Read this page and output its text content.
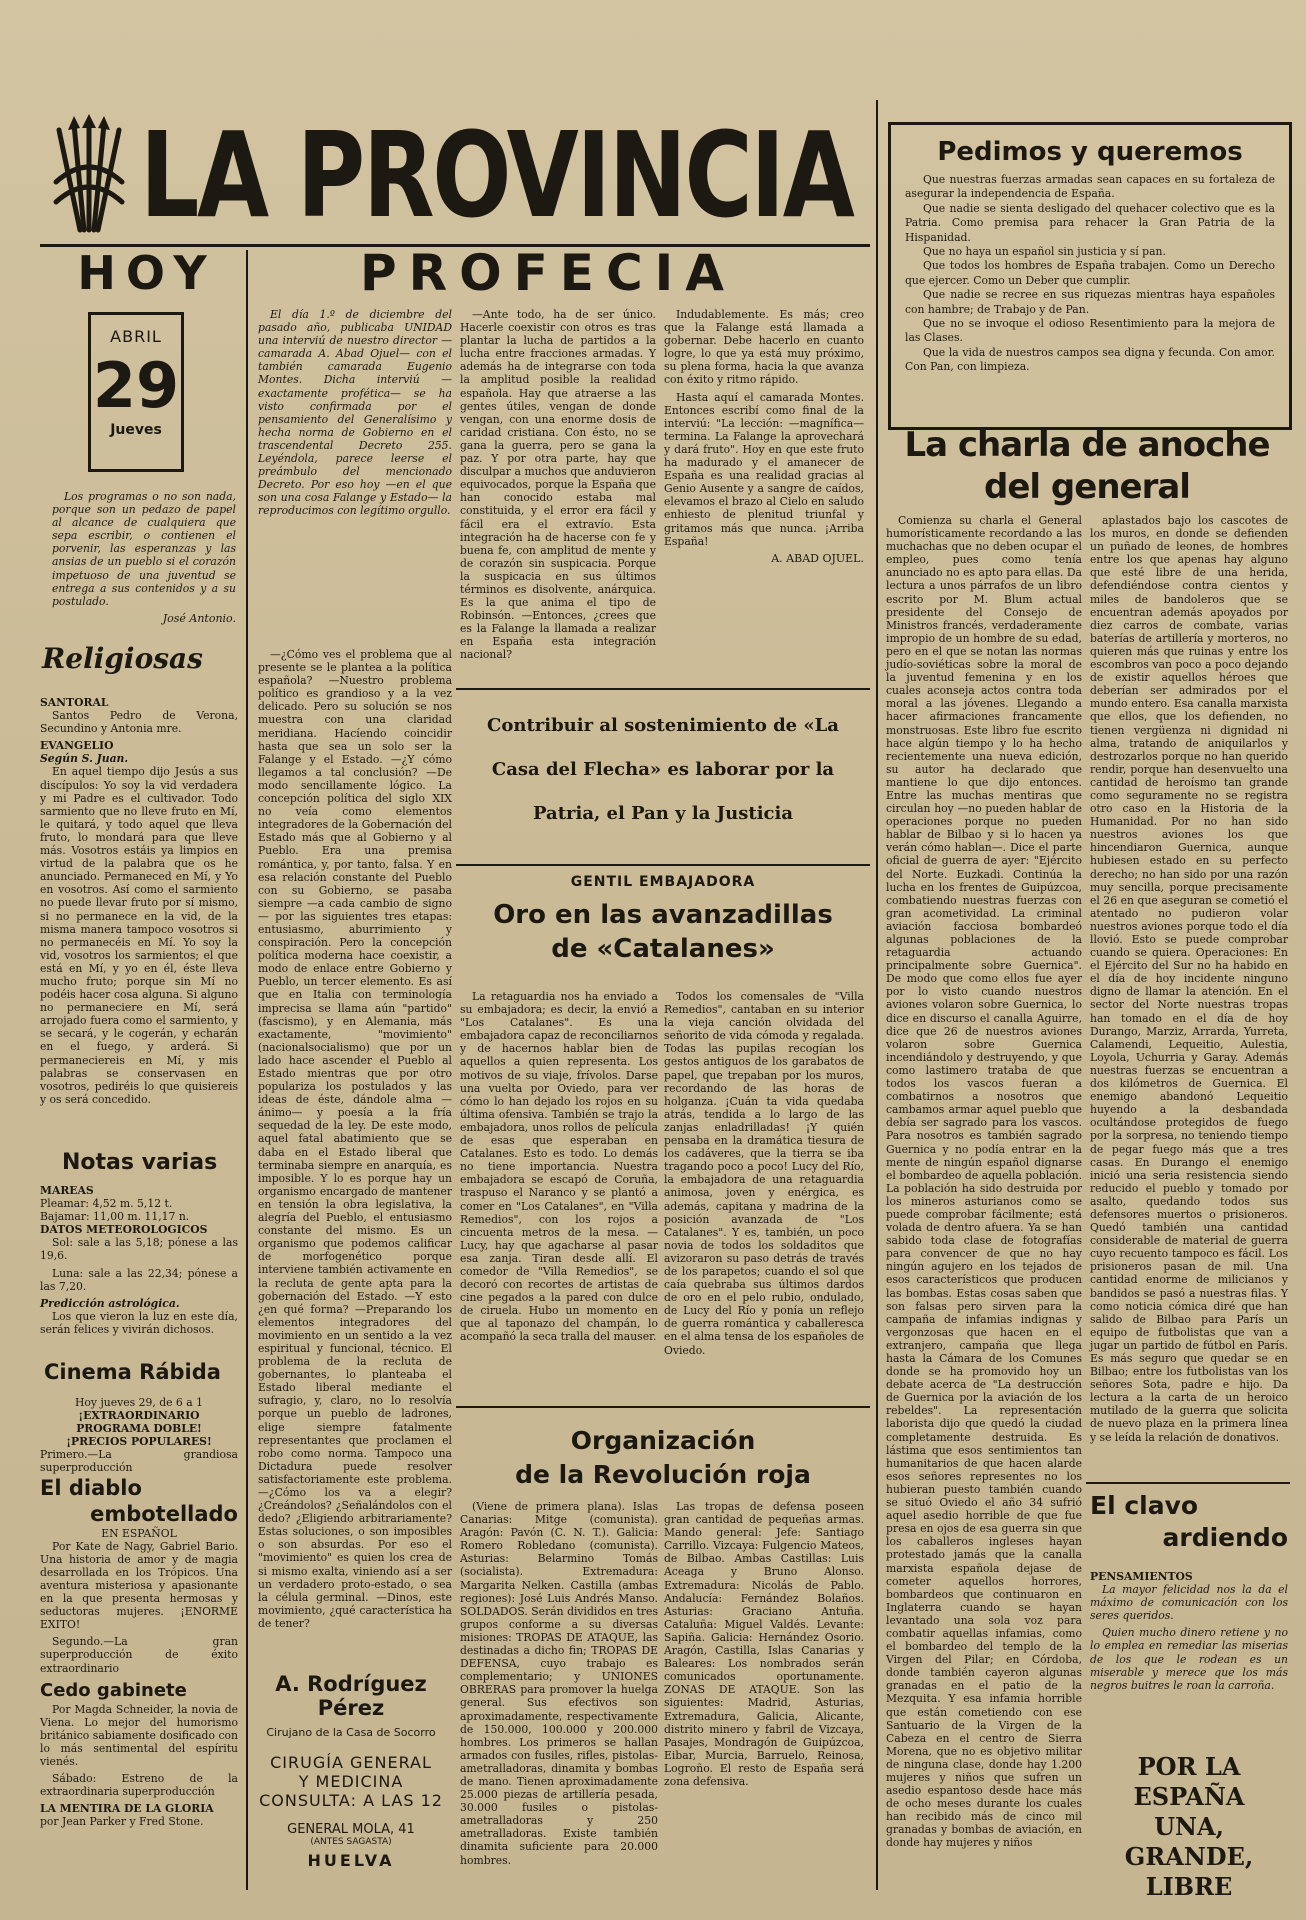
LA PROVINCIA
HOY
ABRIL
29
Jueves

Los programas o no son nada, porque son un pedazo de papel al alcance de cualquiera que sepa escribir, o contienen el porvenir, las esperanzas y las ansias de un pueblo si el corazón impetuoso de una juventud se entrega a sus contenidos y a su postulado.

José Antonio.
Religiosas
SANTORAL

Santos Pedro de Verona, Secundino y Antonia mre.

EVANGELIO
Según S. Juan.

En aquel tiempo dijo Jesús a sus discípulos: Yo soy la vid verdadera y mi Padre es el cultivador. Todo sarmiento que no lleve fruto en Mí, le quitará, y todo aquel que lleva fruto, lo mondará para que lleve más. Vosotros estáis ya limpios en virtud de la palabra que os he anunciado. Permaneced en Mí, y Yo en vosotros. Así como el sarmiento no puede llevar fruto por sí mismo, si no permanece en la vid, de la misma manera tampoco vosotros si no permanecéis en Mí. Yo soy la vid, vosotros los sarmientos; el que está en Mí, y yo en él, éste lleva mucho fruto; porque sin Mí no podéis hacer cosa alguna. Si alguno no permaneciere en Mí, será arrojado fuera como el sarmiento, y se secará, y le cogerán, y echarán en el fuego, y arderá. Si permaneciereis en Mí, y mis palabras se conservasen en vosotros, pediréis lo que quisiereis y os será concedido.

Notas varias
MAREAS
Pleamar: 4,52 m. 5,12 t.
Bajamar: 11,00 m. 11,17 n.
DATOS METEOROLOGICOS

Sol: sale a las 5,18; pónese a las 19,6.

Luna: sale a las 22,34; pónese a las 7,20.

Predicción astrológica.

Los que vieron la luz en este día, serán felices y vivirán dichosos.

Cinema Rábida
Hoy jueves 29, de 6 a 1
¡EXTRAORDINARIO PROGRAMA DOBLE!
¡PRECIOS POPULARES!
Primero.—La grandiosa superproducción
El diablo
embotellado
EN ESPAÑOL

Por Kate de Nagy, Gabriel Bario. Una historia de amor y de magia desarrollada en los Trópicos. Una aventura misteriosa y apasionante en la que presenta hermosas y seductoras mujeres. ¡ENORME EXITO!

Segundo.—La gran superproducción de éxito extraordinario

Cedo gabinete

Por Magda Schneider, la novia de Viena. Lo mejor del humorismo británico sabiamente dosificado con lo más sentimental del espíritu vienés.

Sábado: Estreno de la extraordinaria superproducción

LA MENTIRA DE LA GLORIA
por Jean Parker y Fred Stone.
PROFECIA

El día 1.º de diciembre del pasado año, publicaba UNIDAD una interviú de nuestro director —camarada A. Abad Ojuel— con el también camarada Eugenio Montes. Dicha interviú —exactamente profética— se ha visto confirmada por el pensamiento del Generalísimo y hecha norma de Gobierno en el trascendental Decreto 255. Leyéndola, parece leerse el preámbulo del mencionado Decreto. Por eso hoy —en el que son una cosa Falange y Estado— la reproducimos con legítimo orgullo.

—¿Cómo ves el problema que al presente se le plantea a la política española? —Nuestro problema político es grandioso y a la vez delicado. Pero su solución se nos muestra con una claridad meridiana. Hacíendo coincidir hasta que sea un solo ser la Falange y el Estado. —¿Y cómo llegamos a tal conclusión? —De modo sencillamente lógico. La concepción política del siglo XIX no veía como elementos integradores de la Gobernación del Estado más que al Gobierno y al Pueblo. Era una premisa romántica, y, por tanto, falsa. Y en esa relación constante del Pueblo con su Gobierno, se pasaba siempre —a cada cambio de signo— por las siguientes tres etapas: entusiasmo, aburrimiento y conspiración. Pero la concepción política moderna hace coexistir, a modo de enlace entre Gobierno y Pueblo, un tercer elemento. Es así que en Italia con terminología imprecisa se llama aún "partido" (fascismo), y en Alemania, más exactamente, "movimiento" (nacionalsocialismo) que por un lado hace ascender el Pueblo al Estado mientras que por otro populariza los postulados y las ideas de éste, dándole alma —ánimo— y poesía a la fría sequedad de la ley. De este modo, aquel fatal abatimiento que se daba en el Estado liberal que terminaba siempre en anarquía, es imposible. Y lo es porque hay un organismo encargado de mantener en tensión la obra legislativa, la alegría del Pueblo, el entusiasmo constante del mismo. Es un organismo que podemos calificar de morfogenético porque interviene también activamente en la recluta de gente apta para la gobernación del Estado. —Y esto ¿en qué forma? —Preparando los elementos integradores del movimiento en un sentido a la vez espiritual y funcional, técnico. El problema de la recluta de gobernantes, lo planteaba el Estado liberal mediante el sufragio, y, claro, no lo resolvía porque un pueblo de ladrones, elige siempre fatalmente representantes que proclamen el robo como norma. Tampoco una Dictadura puede resolver satisfactoriamente este problema. —¿Cómo los va a elegir? ¿Creándolos? ¿Señalándolos con el dedo? ¿Eligiendo arbitrariamente? Estas soluciones, o son imposibles o son absurdas. Por eso el "movimiento" es quien los crea de si mismo exalta, viniendo así a ser un verdadero proto-estado, o sea la célula germinal. —Dinos, este movimiento, ¿qué característica ha de tener?

—Ante todo, ha de ser único. Hacerle coexistir con otros es tras plantar la lucha de partidos a la lucha entre fracciones armadas. Y además ha de integrarse con toda la amplitud posible la realidad española. Hay que atraerse a las gentes útiles, vengan de donde vengan, con una enorme dosis de caridad cristiana. Con ésto, no se gana la guerra, pero se gana la paz. Y por otra parte, hay que disculpar a muchos que anduvieron equivocados, porque la España que han conocido estaba mal constituida, y el error era fácil y fácil era el extravío. Esta integración ha de hacerse con fe y buena fe, con amplitud de mente y de corazón sin suspicacia. Porque la suspicacia en sus últimos términos es disolvente, anárquica. Es la que anima el tipo de Robinsón. —Entonces, ¿crees que es la Falange la llamada a realizar en España esta integración nacional?

Indudablemente. Es más; creo que la Falange está llamada a gobernar. Debe hacerlo en cuanto logre, lo que ya está muy próximo, su plena forma, hacia la que avanza con éxito y ritmo rápido.

Hasta aquí el camarada Montes. Entonces escribí como final de la interviú: "La lección: —magnífica— termina. La Falange la aprovechará y dará fruto". Hoy en que este fruto ha madurado y el amanecer de España es una realidad gracias al Genio Ausente y a sangre de caídos, elevamos el brazo al Cielo en saludo enhiesto de plenitud triunfal y gritamos más que nunca. ¡Arriba España!

A. ABAD OJUEL.
Contribuir al sostenimiento de «La
Casa del Flecha» es laborar por la
Patria, el Pan y la Justicia
GENTIL EMBAJADORA
Oro en las avanzadillas
de «Catalanes»

La retaguardia nos ha enviado a su embajadora; es decir, la envió a "Los Catalanes". Es una embajadora capaz de reconciliarnos y de hacernos hablar bien de aquellos a quien representa. Los motivos de su viaje, frívolos. Darse una vuelta por Oviedo, para ver cómo lo han dejado los rojos en su última ofensiva. También se trajo la embajadora, unos rollos de película de esas que esperaban en Catalanes. Esto es todo. Lo demás no tiene importancia. Nuestra embajadora se escapó de Coruña, traspuso el Naranco y se plantó a comer en "Los Catalanes", en "Villa Remedios", con los rojos a cincuenta metros de la mesa. —Lucy, hay que agacharse al pasar esa zanja. Tiran desde allí. El comedor de "Villa Remedios", se decoró con recortes de artistas de cine pegados a la pared con dulce de ciruela. Hubo un momento en que al taponazo del champán, lo acompañó la seca tralla del mauser.

Todos los comensales de "Villa Remedios", cantaban en su interior la vieja canción olvidada del señorito de vida cómoda y regalada. Todas las pupilas recogían los gestos antiguos de los garabatos de papel, que trepaban por los muros, recordando de las horas de holganza. ¡Cuán ta vida quedaba atrás, tendida a lo largo de las zanjas enladrilladas! ¡Y quién pensaba en la dramática tiesura de los cadáveres, que la tierra se iba tragando poco a poco! Lucy del Río, la embajadora de una retaguardia animosa, joven y enérgica, es además, capitana y madrina de la posición avanzada de "Los Catalanes". Y es, también, un poco novia de todos los soldaditos que avizoraron su paso detrás de través de los parapetos; cuando el sol que caía quebraba sus últimos dardos de oro en el pelo rubio, ondulado, de Lucy del Río y ponía un reflejo de guerra romántica y caballeresca en el alma tensa de los españoles de Oviedo.

Organización
de la Revolución roja

(Viene de primera plana). Islas Canarias: Mitge (comunista). Aragón: Pavón (C. N. T.). Galicia: Romero Robledano (comunista). Asturias: Belarmino Tomás (socialista). Extremadura: Margarita Nelken. Castilla (ambas regiones): José Luis Andrés Manso. SOLDADOS. Serán divididos en tres grupos conforme a su diversas misiones: TROPAS DE ATAQUE, las destinadas a dicho fin; TROPAS DE DEFENSA, cuyo trabajo es complementario; y UNIONES OBRERAS para promover la huelga general. Sus efectivos son aproximadamente, respectivamente de 150.000, 100.000 y 200.000 hombres. Los primeros se hallan armados con fusiles, rifles, pistolas-ametralladoras, dinamita y bombas de mano. Tienen aproximadamente 25.000 piezas de artillería pesada, 30.000 fusiles o pistolas-ametralladoras y 250 ametralladoras. Existe también dinamita suficiente para 20.000 hombres.

Las tropas de defensa poseen gran cantidad de pequeñas armas. Mando general: Jefe: Santiago Carrillo. Vizcaya: Fulgencio Mateos, de Bilbao. Ambas Castillas: Luis Aceaga y Bruno Alonso. Extremadura: Nicolás de Pablo. Andalucía: Fernández Bolaños. Asturias: Graciano Antuña. Cataluña: Miguel Valdés. Levante: Sapiña. Galicia: Hernández Osorio. Aragón, Castilla, Islas Canarias y Baleares: Los nombrados serán comunicados oportunamente. ZONAS DE ATAQUE. Son las siguientes: Madrid, Asturias, Extremadura, Galicia, Alicante, distrito minero y fabril de Vizcaya, Pasajes, Mondragón de Guipúzcoa, Eibar, Murcia, Barruelo, Reinosa, Logroño. El resto de España será zona defensiva.

A. Rodríguez Pérez
Cirujano de la Casa de Socorro
CIRUGÍA GENERAL
Y MEDICINA
CONSULTA: A LAS 12
GENERAL MOLA, 41
(ANTES SAGASTA)
HUELVA
Pedimos y queremos

Que nuestras fuerzas armadas sean capaces en su fortaleza de asegurar la independencia de España.

Que nadie se sienta desligado del quehacer colectivo que es la Patria. Como premisa para rehacer la Gran Patria de la Hispanidad.

Que no haya un español sin justicia y sí pan.

Que todos los hombres de España trabajen. Como un Derecho que ejercer. Como un Deber que cumplir.

Que nadie se recree en sus riquezas mientras haya españoles con hambre; de Trabajo y de Pan.

Que no se invoque el odioso Resentimiento para la mejora de las Clases.

Que la vida de nuestros campos sea digna y fecunda. Con amor. Con Pan, con limpieza.

La charla de anoche
del general

Comienza su charla el General humorísticamente recordando a las muchachas que no deben ocupar el empleo, pues como tenía anunciado no es apto para ellas. Da lectura a unos párrafos de un libro escrito por M. Blum actual presidente del Consejo de Ministros francés, verdaderamente impropio de un hombre de su edad, pero en el que se notan las normas judío-soviéticas sobre la moral de la juventud femenina y en los cuales aconseja actos contra toda moral a las jóvenes. Llegando a hacer afirmaciones francamente monstruosas. Este libro fue escrito hace algún tiempo y lo ha hecho recientemente una nueva edición, su autor ha declarado que mantiene lo que dijo entonces. Entre las muchas mentiras que circulan hoy —no pueden hablar de operaciones porque no pueden hablar de Bilbao y si lo hacen ya verán cómo hablan—. Dice el parte oficial de guerra de ayer: "Ejército del Norte. Euzkadi. Continúa la lucha en los frentes de Guipúzcoa, combatiendo nuestras fuerzas con gran acometividad. La criminal aviación facciosa bombardeó algunas poblaciones de la retaguardia actuando principalmente sobre Guernica". De modo que como ellos fue ayer por lo visto cuando nuestros aviones volaron sobre Guernica, lo dice en discurso el canalla Aguirre, dice que 26 de nuestros aviones volaron sobre Guernica incendiándolo y destruyendo, y que como lastimero trataba de que todos los vascos fueran a combatirnos a nosotros que cambamos armar aquel pueblo que debía ser sagrado para los vascos. Para nosotros es también sagrado Guernica y no podía entrar en la mente de ningún español dignarse el bombardeo de aquella población. La población ha sido destruida por los mineros asturianos como se puede comprobar fácilmente; está volada de dentro afuera. Ya se han sabido toda clase de fotografías para convencer de que no hay ningún agujero en los tejados de esos característicos que producen las bombas. Estas cosas saben que son falsas pero sirven para la campaña de infamias indignas y vergonzosas que hacen en el extranjero, campaña que llega hasta la Cámara de los Comunes donde se ha promovido hoy un debate acerca de "La destrucción de Guernica por la aviación de los rebeldes". La representación laborista dijo que quedó la ciudad completamente destruida. Es lástima que esos sentimientos tan humanitarios de que hacen alarde esos señores representes no los hubieran puesto también cuando se situó Oviedo el año 34 sufrió aquel asedio horrible de que fue presa en ojos de esa guerra sin que los caballeros ingleses hayan protestado jamás que la canalla marxista española dejase de cometer aquellos horrores, bombardeos que continuaron en Inglaterra cuando se hayan levantado una sola voz para combatir aquellas infamias, como el bombardeo del templo de la Virgen del Pilar; en Córdoba, donde también cayeron algunas granadas en el patio de la Mezquita. Y esa infamia horrible que están cometiendo con ese Santuario de la Virgen de la Cabeza en el centro de Sierra Morena, que no es objetivo militar de ninguna clase, donde hay 1.200 mujeres y niños que sufren un asedio espantoso desde hace más de ocho meses durante los cuales han recibido más de cinco mil granadas y bombas de aviación, en donde hay mujeres y niños

aplastados bajo los cascotes de los muros, en donde se defienden un puñado de leones, de hombres entre los que apenas hay alguno que esté libre de una herida, defendiéndose contra cientos y miles de bandoleros que se encuentran además apoyados por diez carros de combate, varias baterías de artillería y morteros, no quieren más que ruinas y entre los escombros van poco a poco dejando de existir aquellos héroes que deberían ser admirados por el mundo entero. Esa canalla marxista que ellos, que los defienden, no tienen vergüenza ni dignidad ni alma, tratando de aniquilarlos y destrozarlos porque no han querido rendir, porque han desenvuelto una cantidad de heroísmo tan grande como seguramente no se registra otro caso en la Historia de la Humanidad. Por no han sido nuestros aviones los que hincendiaron Guernica, aunque hubiesen estado en su perfecto derecho; no han sido por una razón muy sencilla, porque precisamente el 26 en que aseguran se cometió el atentado no pudieron volar nuestros aviones porque todo el día llovió. Esto se puede comprobar cuando se quiera. Operaciones: En el Ejército del Sur no ha habido en el día de hoy incidente ninguno digno de llamar la atención. En el sector del Norte nuestras tropas han tomado en el día de hoy Durango, Marziz, Arrarda, Yurreta, Calamendi, Lequeitio, Aulestia, Loyola, Uchurria y Garay. Además nuestras fuerzas se encuentran a dos kilómetros de Guernica. El enemigo abandonó Lequeitio huyendo a la desbandada ocultándose protegidos de fuego por la sorpresa, no teniendo tiempo de pegar fuego más que a tres casas. En Durango el enemigo inició una seria resistencia siendo reducido el pueblo y tomado por asalto, quedando todos sus defensores muertos o prisioneros. Quedó también una cantidad considerable de material de guerra cuyo recuento tampoco es fácil. Los prisioneros pasan de mil. Una cantidad enorme de milicianos y bandidos se pasó a nuestras filas. Y como noticia cómica diré que han salido de Bilbao para París un equipo de futbolistas que van a jugar un partido de fútbol en París. Es más seguro que quedar se en Bilbao; entre los futbolistas van los señores Sota, padre e hijo. Da lectura a la carta de un heroico mutilado de la guerra que solicita de nuevo plaza en la primera línea y se leída la relación de donativos.

El clavo
ardiendo
PENSAMIENTOS

La mayor felicidad nos la da el máximo de comunicación con los seres queridos.

Quien mucho dinero retiene y no lo emplea en remediar las miserias de los que le rodean es un miserable y merece que los más negros buitres le roan la carroña.

POR LA ESPAÑA
UNA,
GRANDE,
LIBRE
